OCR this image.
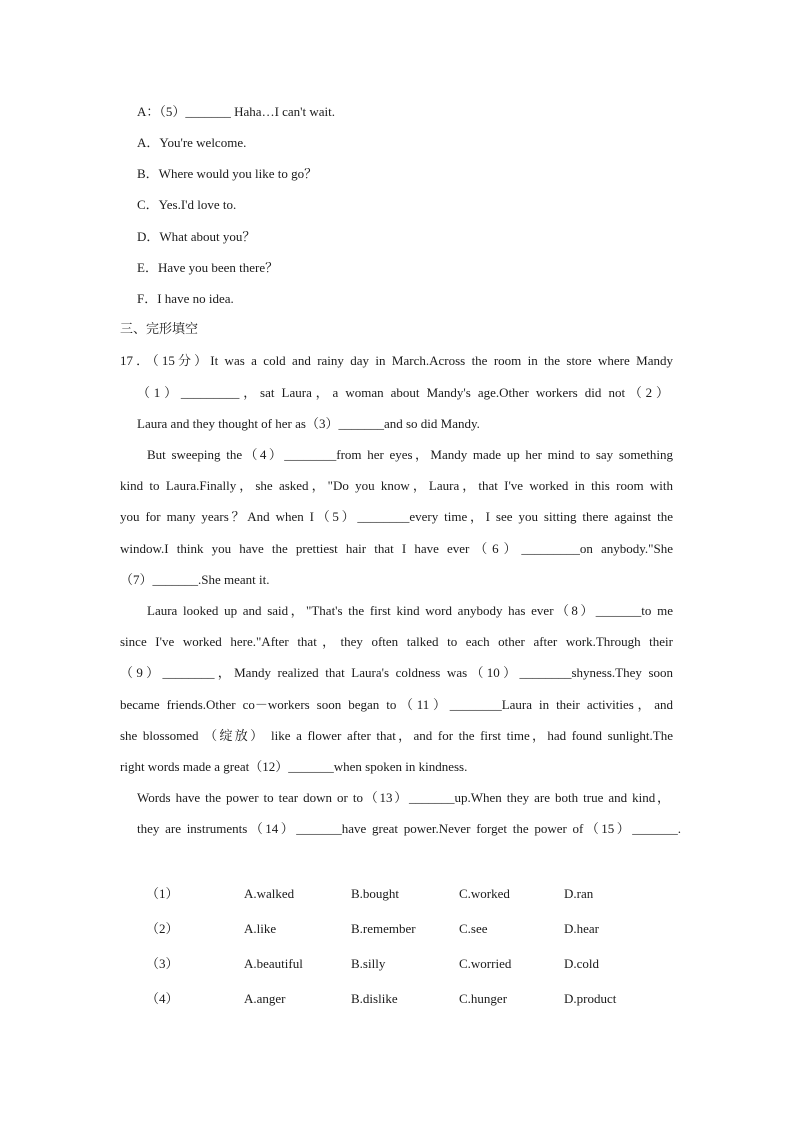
A：（5）_______ Haha…I can't wait.
A．You're welcome.
B．Where would you like to go？
C．Yes.I'd love to.
D．What about you？
E．Have you been there？
F．I have no idea.
三、完形填空
17．（15分）It was a cold and rainy day in March.Across the room in the store where Mandy
（1）_________，sat Laura，a woman about Mandy's age.Other workers did not（2）
Laura and they thought of her as（3）_______and so did Mandy.
But sweeping the（4）________from her eyes，Mandy made up her mind to say something
kind to Laura.Finally，she asked，"Do you know，Laura，that I've worked in this room with
you for many years？And when I（5）________every time，I see you sitting there against the
window.I think you have the prettiest hair that I have ever（6）_________on anybody."She
（7）_______.She meant it.
Laura looked up and said，"That's the first kind word anybody has ever（8）_______to me
since I've worked here."After that，they often talked to each other after work.Through their
（9）________，Mandy realized that Laura's coldness was（10）________shyness.They soon
became friends.Other co－workers soon began to（11）________Laura in their activities，and
she blossomed （绽放） like a flower after that，and for the first time，had found sunlight.The
right words made a great（12）_______when spoken in kindness.
Words have the power to tear down or to（13）_______up.When they are both true and kind，
they are instruments（14）_______have great power.Never forget the power of（15）_______.
（1）	A.walked	B.bought	C.worked	D.ran
（2）	A.like	B.remember	C.see	D.hear
（3）	A.beautiful	B.silly	C.worried	D.cold
（4）	A.anger	B.dislike	C.hunger	D.product
